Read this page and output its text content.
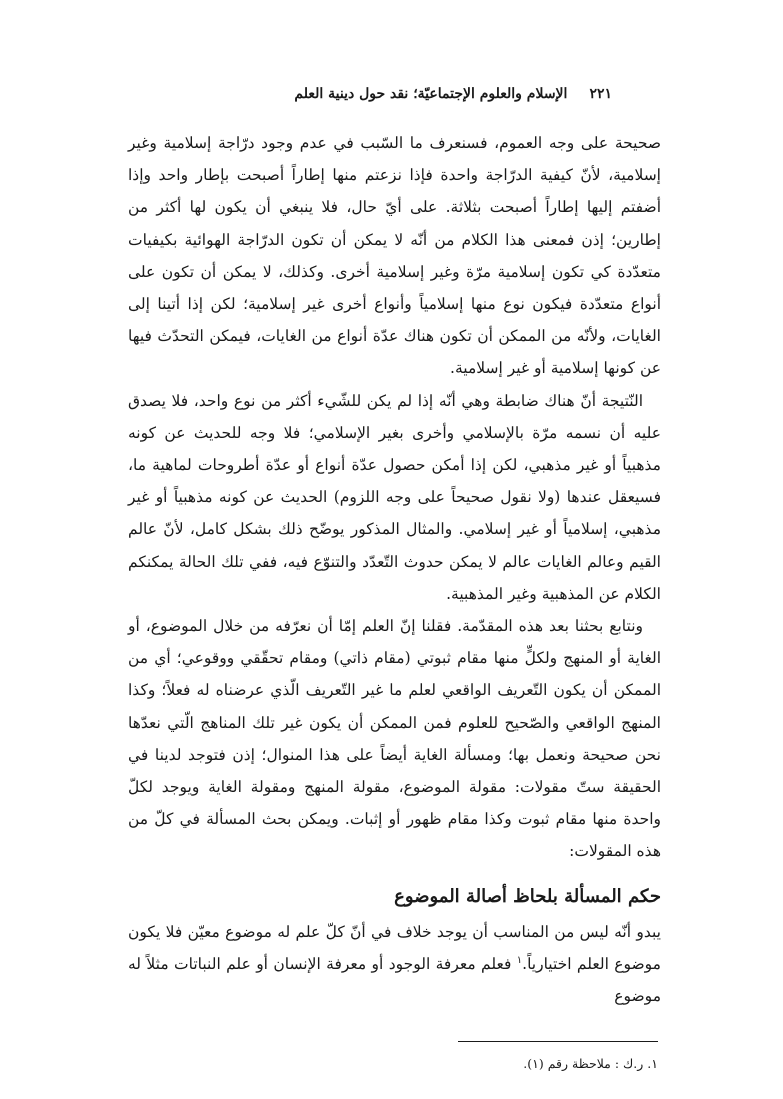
٢٢١
الإسلام والعلوم الإجتماعيّة؛ نقد حول دينية العلم

صحيحة على وجه العموم، فسنعرف ما السّبب في عدم وجود درّاجة إسلامية وغير إسلامية، لأنّ كيفية الدرّاجة واحدة فإذا نزعتم منها إطاراً أصبحت بإطار واحد وإذا أضفتم إليها إطاراً أصبحت بثلاثة. على أيّ حال، فلا ينبغي أن يكون لها أكثر من إطارين؛ إذن فمعنى هذا الكلام من أنّه لا يمكن أن تكون الدرّاجة الهوائية بكيفيات متعدّدة كي تكون إسلامية مرّة وغير إسلامية أخرى. وكذلك، لا يمكن أن تكون على أنواع متعدّدة فيكون نوع منها إسلامياً وأنواع أخرى غير إسلامية؛ لكن إذا أتينا إلى الغايات، ولأنّه من الممكن أن تكون هناك عدّة أنواع من الغايات، فيمكن التحدّث فيها عن كونها إسلامية أو غير إسلامية.

النّتيجة أنّ هناك ضابطة وهي أنّه إذا لم يكن للشّيء أكثر من نوع واحد، فلا يصدق عليه أن نسمه مرّة بالإسلامي وأخرى بغير الإسلامي؛ فلا وجه للحديث عن كونه مذهبياً أو غير مذهبي، لكن إذا أمكن حصول عدّة أنواع أو عدّة أطروحات لماهية ما، فسيعقل عندها (ولا نقول صحيحاً على وجه اللزوم) الحديث عن كونه مذهبياً أو غير مذهبي، إسلامياً أو غير إسلامي. والمثال المذكور يوضّح ذلك بشكل كامل، لأنّ عالم القيم وعالم الغايات عالم لا يمكن حدوث التّعدّد والتنوّع فيه، ففي تلك الحالة يمكنكم الكلام عن المذهبية وغير المذهبية.

ونتابع بحثنا بعد هذه المقدّمة. فقلنا إنّ العلم إمّا أن نعرّفه من خلال الموضوع، أو الغاية أو المنهج ولكلٍّ منها مقام ثبوتي (مقام ذاتي) ومقام تحقّقي ووقوعي؛ أي من الممكن أن يكون التّعريف الواقعي لعلم ما غير التّعريف الّذي عرضناه له فعلاً؛ وكذا المنهج الواقعي والصّحيح للعلوم فمن الممكن أن يكون غير تلك المناهج الّتي نعدّها نحن صحيحة ونعمل بها؛ ومسألة الغاية أيضاً على هذا المنوال؛ إذن فتوجد لدينا في الحقيقة ستّ مقولات: مقولة الموضوع، مقولة المنهج ومقولة الغاية ويوجد لكلّ واحدة منها مقام ثبوت وكذا مقام ظهور أو إثبات. ويمكن بحث المسألة في كلّ من هذه المقولات:

حكم المسألة بلحاظ أصالة الموضوع

يبدو أنّه ليس من المناسب أن يوجد خلاف في أنّ كلّ علم له موضوع معيّن فلا يكون موضوع العلم اختيارياً.$^١$ فعلم معرفة الوجود أو معرفة الإنسان أو علم النباتات مثلاً له موضوع

١. ر.ك : ملاحظة رقم (١).
